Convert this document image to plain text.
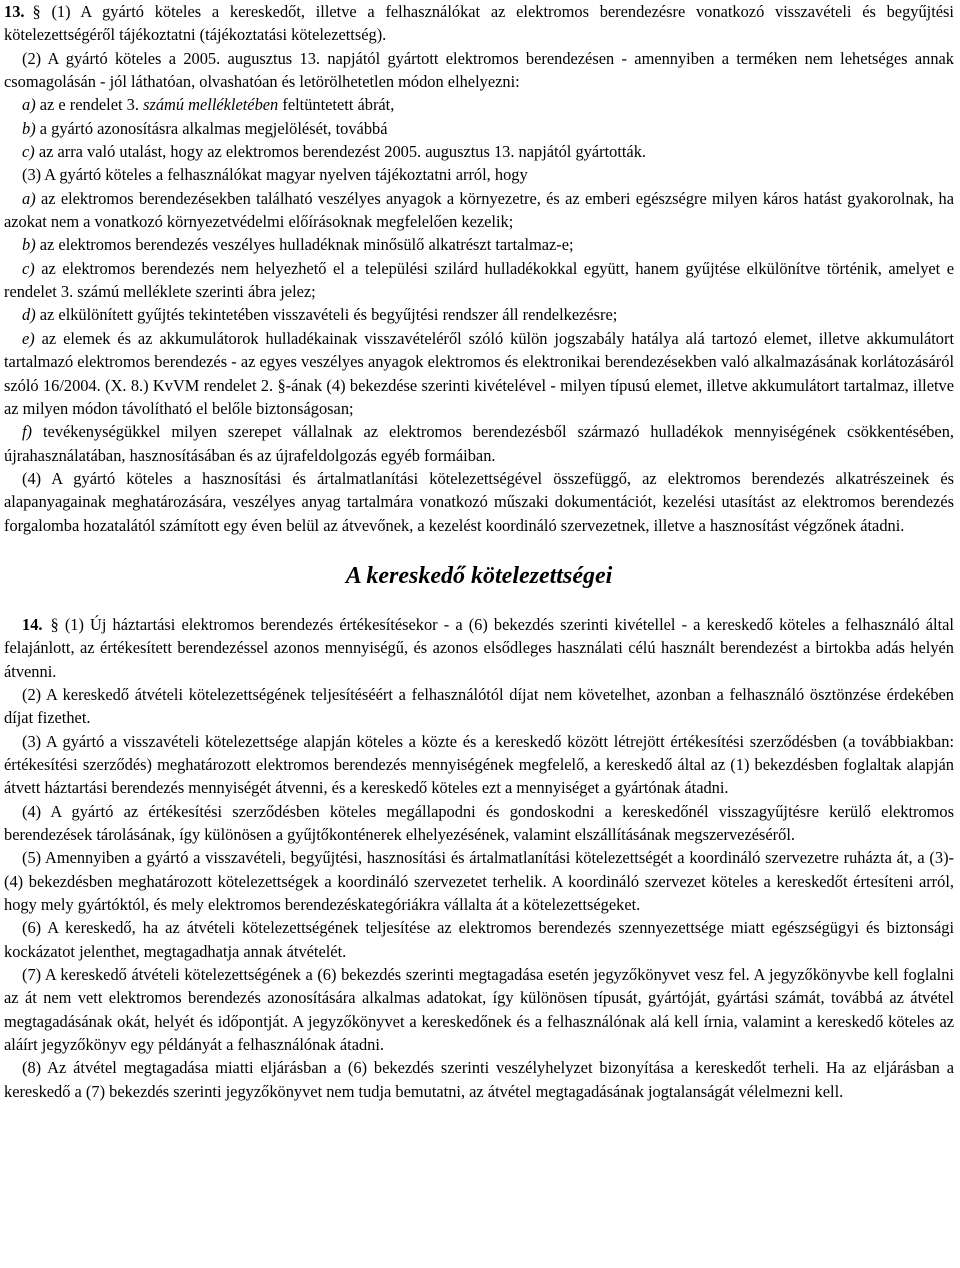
13. § (1) A gyártó köteles a kereskedőt, illetve a felhasználókat az elektromos berendezésre vonatkozó visszavételi és begyűjtési kötelezettségéről tájékoztatni (tájékoztatási kötelezettség).

(2) A gyártó köteles a 2005. augusztus 13. napjától gyártott elektromos berendezésen - amennyiben a terméken nem lehetséges annak csomagolásán - jól láthatóan, olvashatóan és letörölhetetlen módon elhelyezni:

a) az e rendelet 3. számú mellékletében feltüntetett ábrát,

b) a gyártó azonosításra alkalmas megjelölését, továbbá

c) az arra való utalást, hogy az elektromos berendezést 2005. augusztus 13. napjától gyártották.

(3) A gyártó köteles a felhasználókat magyar nyelven tájékoztatni arról, hogy

a) az elektromos berendezésekben található veszélyes anyagok a környezetre, és az emberi egészségre milyen káros hatást gyakorolnak, ha azokat nem a vonatkozó környezetvédelmi előírásoknak megfelelően kezelik;

b) az elektromos berendezés veszélyes hulladéknak minősülő alkatrészt tartalmaz-e;

c) az elektromos berendezés nem helyezhető el a települési szilárd hulladékokkal együtt, hanem gyűjtése elkülönítve történik, amelyet e rendelet 3. számú melléklete szerinti ábra jelez;

d) az elkülönített gyűjtés tekintetében visszavételi és begyűjtési rendszer áll rendelkezésre;

e) az elemek és az akkumulátorok hulladékainak visszavételéről szóló külön jogszabály hatálya alá tartozó elemet, illetve akkumulátort tartalmazó elektromos berendezés - az egyes veszélyes anyagok elektromos és elektronikai berendezésekben való alkalmazásának korlátozásáról szóló 16/2004. (X. 8.) KvVM rendelet 2. §-ának (4) bekezdése szerinti kivételével - milyen típusú elemet, illetve akkumulátort tartalmaz, illetve az milyen módon távolítható el belőle biztonságosan;

f) tevékenységükkel milyen szerepet vállalnak az elektromos berendezésből származó hulladékok mennyiségének csökkentésében, újrahasználatában, hasznosításában és az újrafeldolgozás egyéb formáiban.

(4) A gyártó köteles a hasznosítási és ártalmatlanítási kötelezettségével összefüggő, az elektromos berendezés alkatrészeinek és alapanyagainak meghatározására, veszélyes anyag tartalmára vonatkozó műszaki dokumentációt, kezelési utasítást az elektromos berendezés forgalomba hozatalától számított egy éven belül az átvevőnek, a kezelést koordináló szervezetnek, illetve a hasznosítást végzőnek átadni.

A kereskedő kötelezettségei

14. § (1) Új háztartási elektromos berendezés értékesítésekor - a (6) bekezdés szerinti kivétellel - a kereskedő köteles a felhasználó által felajánlott, az értékesített berendezéssel azonos mennyiségű, és azonos elsődleges használati célú használt berendezést a birtokba adás helyén átvenni.

(2) A kereskedő átvételi kötelezettségének teljesítéséért a felhasználótól díjat nem követelhet, azonban a felhasználó ösztönzése érdekében díjat fizethet.

(3) A gyártó a visszavételi kötelezettsége alapján köteles a közte és a kereskedő között létrejött értékesítési szerződésben (a továbbiakban: értékesítési szerződés) meghatározott elektromos berendezés mennyiségének megfelelő, a kereskedő által az (1) bekezdésben foglaltak alapján átvett háztartási berendezés mennyiségét átvenni, és a kereskedő köteles ezt a mennyiséget a gyártónak átadni.

(4) A gyártó az értékesítési szerződésben köteles megállapodni és gondoskodni a kereskedőnél visszagyűjtésre kerülő elektromos berendezések tárolásának, így különösen a gyűjtőkonténerek elhelyezésének, valamint elszállításának megszervezéséről.

(5) Amennyiben a gyártó a visszavételi, begyűjtési, hasznosítási és ártalmatlanítási kötelezettségét a koordináló szervezetre ruházta át, a (3)-(4) bekezdésben meghatározott kötelezettségek a koordináló szervezetet terhelik. A koordináló szervezet köteles a kereskedőt értesíteni arról, hogy mely gyártóktól, és mely elektromos berendezéskategóriákra vállalta át a kötelezettségeket.

(6) A kereskedő, ha az átvételi kötelezettségének teljesítése az elektromos berendezés szennyezettsége miatt egészségügyi és biztonsági kockázatot jelenthet, megtagadhatja annak átvételét.

(7) A kereskedő átvételi kötelezettségének a (6) bekezdés szerinti megtagadása esetén jegyzőkönyvet vesz fel. A jegyzőkönyvbe kell foglalni az át nem vett elektromos berendezés azonosítására alkalmas adatokat, így különösen típusát, gyártóját, gyártási számát, továbbá az átvétel megtagadásának okát, helyét és időpontját. A jegyzőkönyvet a kereskedőnek és a felhasználónak alá kell írnia, valamint a kereskedő köteles az aláírt jegyzőkönyv egy példányát a felhasználónak átadni.

(8) Az átvétel megtagadása miatti eljárásban a (6) bekezdés szerinti veszélyhelyzet bizonyítása a kereskedőt terheli. Ha az eljárásban a kereskedő a (7) bekezdés szerinti jegyzőkönyvet nem tudja bemutatni, az átvétel megtagadásának jogtalanságát vélelmezni kell.
